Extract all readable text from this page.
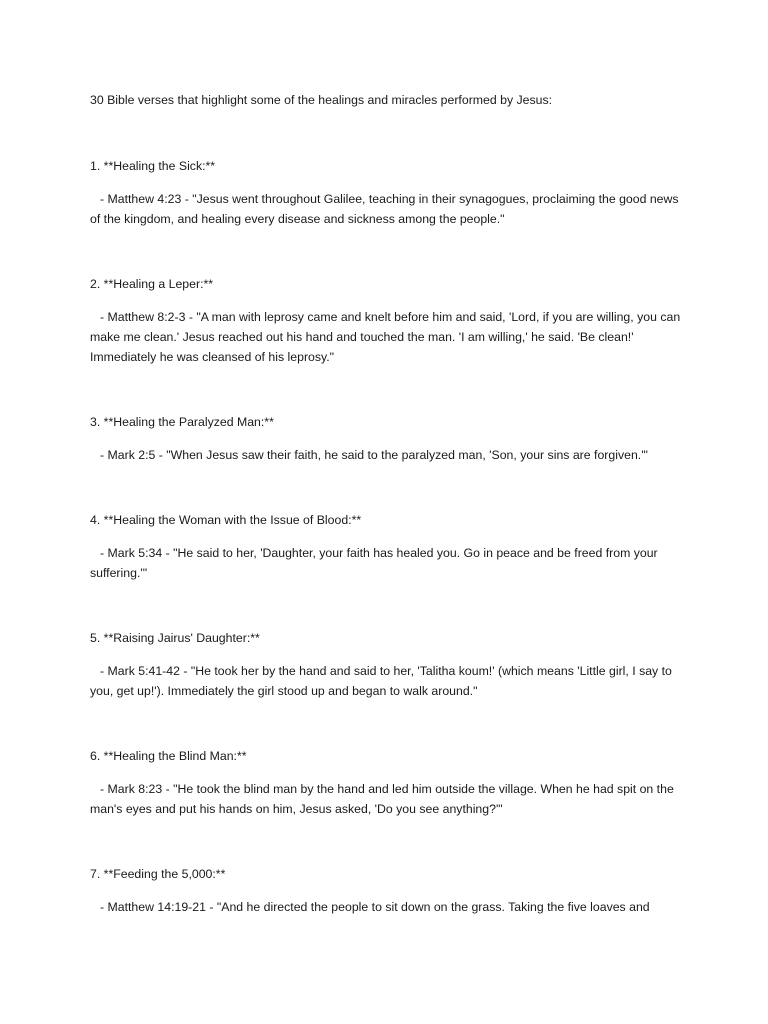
30 Bible verses that highlight some of the healings and miracles performed by Jesus:

1. **Healing the Sick:**

- Matthew 4:23 - "Jesus went throughout Galilee, teaching in their synagogues, proclaiming the good news of the kingdom, and healing every disease and sickness among the people."

2. **Healing a Leper:**

- Matthew 8:2-3 - "A man with leprosy came and knelt before him and said, 'Lord, if you are willing, you can make me clean.' Jesus reached out his hand and touched the man. 'I am willing,' he said. 'Be clean!' Immediately he was cleansed of his leprosy."

3. **Healing the Paralyzed Man:**

- Mark 2:5 - "When Jesus saw their faith, he said to the paralyzed man, 'Son, your sins are forgiven.'"

4. **Healing the Woman with the Issue of Blood:**

- Mark 5:34 - "He said to her, 'Daughter, your faith has healed you. Go in peace and be freed from your suffering.'"

5. **Raising Jairus' Daughter:**

- Mark 5:41-42 - "He took her by the hand and said to her, 'Talitha koum!' (which means 'Little girl, I say to you, get up!'). Immediately the girl stood up and began to walk around."

6. **Healing the Blind Man:**

- Mark 8:23 - "He took the blind man by the hand and led him outside the village. When he had spit on the man's eyes and put his hands on him, Jesus asked, 'Do you see anything?'"

7. **Feeding the 5,000:**

- Matthew 14:19-21 - "And he directed the people to sit down on the grass. Taking the five loaves and
